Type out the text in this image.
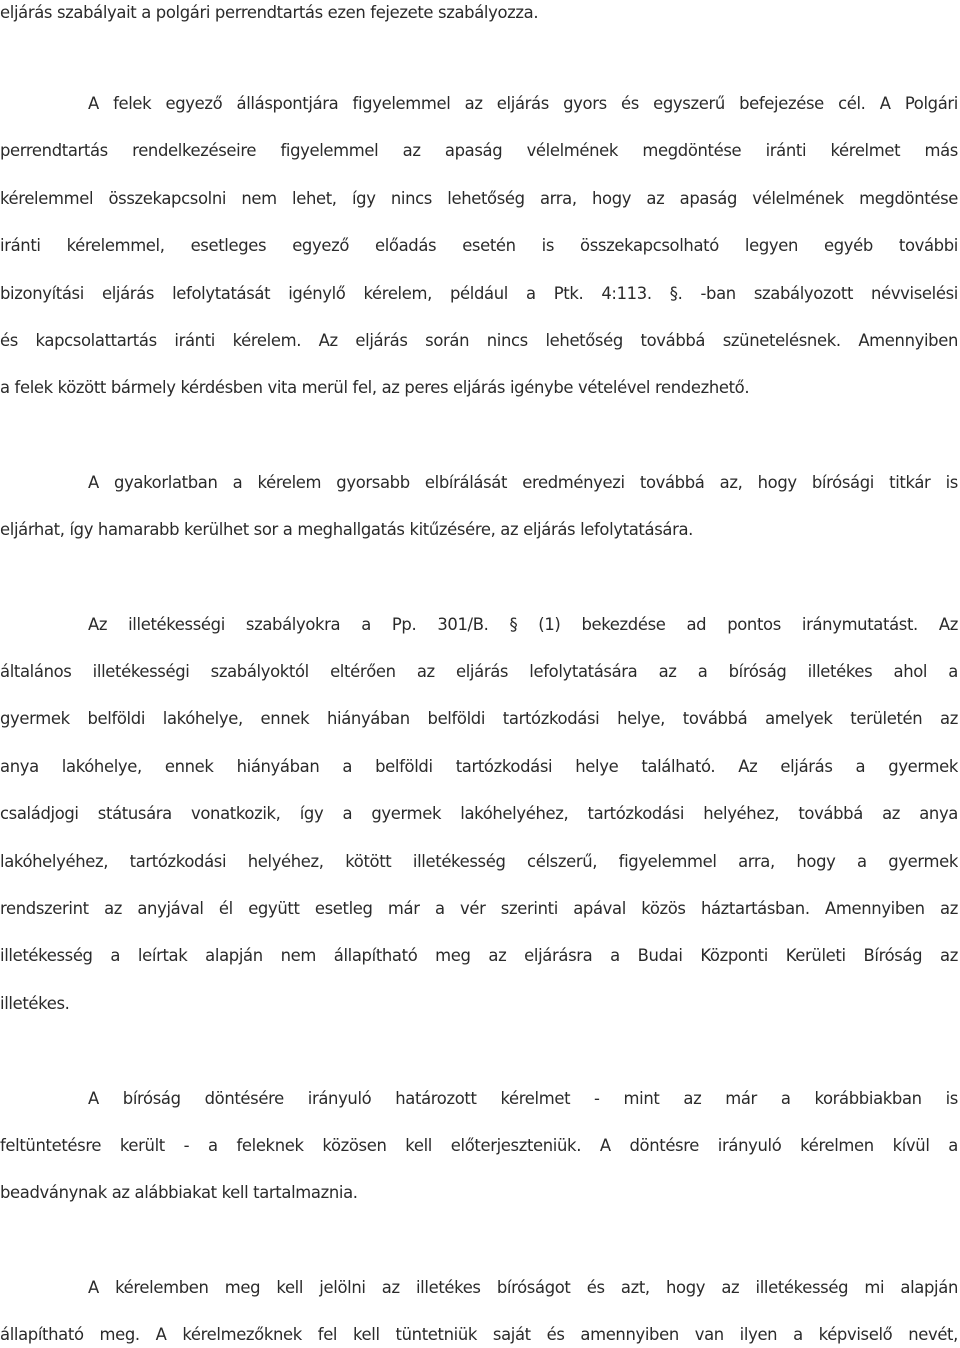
eljárás szabályait a polgári perrendtartás ezen fejezete szabályozza.

A felek egyező álláspontjára figyelemmel az eljárás gyors és egyszerű befejezése cél. A Polgári

perrendtartás rendelkezéseire figyelemmel az apaság vélelmének megdöntése iránti kérelmet más

kérelemmel összekapcsolni nem lehet, így nincs lehetőség arra, hogy az apaság vélelmének megdöntése

iránti kérelemmel, esetleges egyező előadás esetén is összekapcsolható legyen egyéb további

bizonyítási eljárás lefolytatását igénylő kérelem, például a Ptk. 4:113. §. -ban szabályozott névviselési

és kapcsolattartás iránti kérelem. Az eljárás során nincs lehetőség továbbá szünetelésnek. Amennyiben

a felek között bármely kérdésben vita merül fel, az peres eljárás igénybe vételével rendezhető.

A gyakorlatban a kérelem gyorsabb elbírálását eredményezi továbbá az, hogy bírósági titkár is

eljárhat, így hamarabb kerülhet sor a meghallgatás kitűzésére, az eljárás lefolytatására.

Az illetékességi szabályokra a Pp. 301/B. § (1) bekezdése ad pontos iránymutatást. Az

általános illetékességi szabályoktól eltérően az eljárás lefolytatására az a bíróság illetékes ahol a

gyermek belföldi lakóhelye, ennek hiányában belföldi tartózkodási helye, továbbá amelyek területén az

anya lakóhelye, ennek hiányában a belföldi tartózkodási helye található. Az eljárás a gyermek

családjogi státusára vonatkozik, így a gyermek lakóhelyéhez, tartózkodási helyéhez, továbbá az anya

lakóhelyéhez, tartózkodási helyéhez, kötött illetékesség célszerű, figyelemmel arra, hogy a gyermek

rendszerint az anyjával él együtt esetleg már a vér szerinti apával közös háztartásban. Amennyiben az

illetékesség a leírtak alapján nem állapítható meg az eljárásra a Budai Központi Kerületi Bíróság az

illetékes.

A bíróság döntésére irányuló határozott kérelmet - mint az már a korábbiakban is

feltüntetésre került - a feleknek közösen kell előterjeszteniük. A döntésre irányuló kérelmen kívül a

beadványnak az alábbiakat kell tartalmaznia.

A kérelemben meg kell jelölni az illetékes bíróságot és azt, hogy az illetékesség mi alapján

állapítható meg. A kérelmezőknek fel kell tüntetniük saját és amennyiben van ilyen a képviselő nevét,
